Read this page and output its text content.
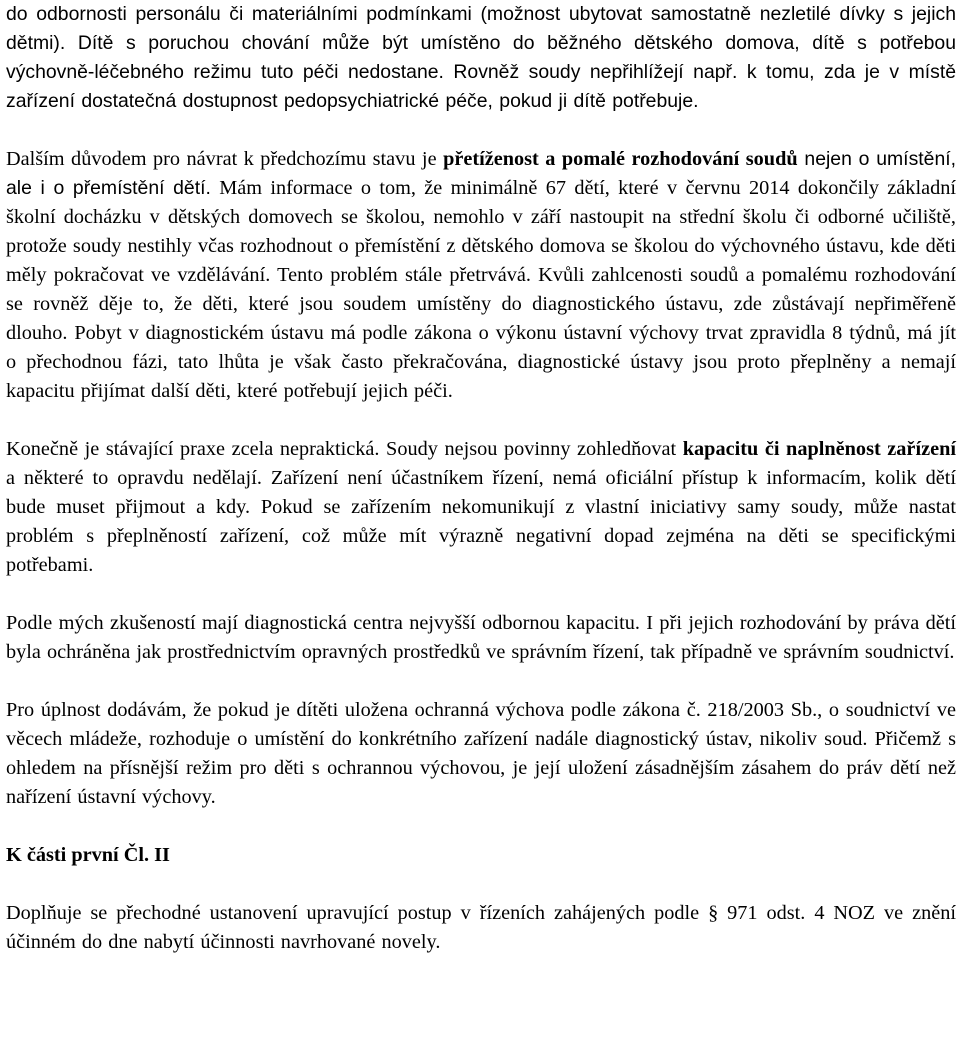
do odbornosti personálu či materiálními podmínkami (možnost ubytovat samostatně nezletilé dívky s jejich dětmi). Dítě s poruchou chování může být umístěno do běžného dětského domova, dítě s potřebou výchovně-léčebného režimu tuto péči nedostane. Rovněž soudy nepřihlížejí např. k tomu, zda je v místě zařízení dostatečná dostupnost pedopsychiatrické péče, pokud ji dítě potřebuje.

Dalším důvodem pro návrat k předchozímu stavu je přetíženost a pomalé rozhodování soudů nejen o umístění, ale i o přemístění dětí. Mám informace o tom, že minimálně 67 dětí, které v červnu 2014 dokončily základní školní docházku v dětských domovech se školou, nemohlo v září nastoupit na střední školu či odborné učiliště, protože soudy nestihly včas rozhodnout o přemístění z dětského domova se školou do výchovného ústavu, kde děti měly pokračovat ve vzdělávání. Tento problém stále přetrvává. Kvůli zahlcenosti soudů a pomalému rozhodování se rovněž děje to, že děti, které jsou soudem umístěny do diagnostického ústavu, zde zůstávají nepřiměřeně dlouho. Pobyt v diagnostickém ústavu má podle zákona o výkonu ústavní výchovy trvat zpravidla 8 týdnů, má jít o přechodnou fázi, tato lhůta je však často překračována, diagnostické ústavy jsou proto přeplněny a nemají kapacitu přijímat další děti, které potřebují jejich péči.

Konečně je stávající praxe zcela nepraktická. Soudy nejsou povinny zohledňovat kapacitu či naplněnost zařízení a některé to opravdu nedělají. Zařízení není účastníkem řízení, nemá oficiální přístup k informacím, kolik dětí bude muset přijmout a kdy. Pokud se zařízením nekomunikují z vlastní iniciativy samy soudy, může nastat problém s přeplněností zařízení, což může mít výrazně negativní dopad zejména na děti se specifickými potřebami.

Podle mých zkušeností mají diagnostická centra nejvyšší odbornou kapacitu. I při jejich rozhodování by práva dětí byla ochráněna jak prostřednictvím opravných prostředků ve správním řízení, tak případně ve správním soudnictví.

Pro úplnost dodávám, že pokud je dítěti uložena ochranná výchova podle zákona č. 218/2003 Sb., o soudnictví ve věcech mládeže, rozhoduje o umístění do konkrétního zařízení nadále diagnostický ústav, nikoliv soud. Přičemž s ohledem na přísnější režim pro děti s ochrannou výchovou, je její uložení zásadnějším zásahem do práv dětí než nařízení ústavní výchovy.

K části první Čl. II

Doplňuje se přechodné ustanovení upravující postup v řízeních zahájených podle § 971 odst. 4 NOZ ve znění účinném do dne nabytí účinnosti navrhované novely.
